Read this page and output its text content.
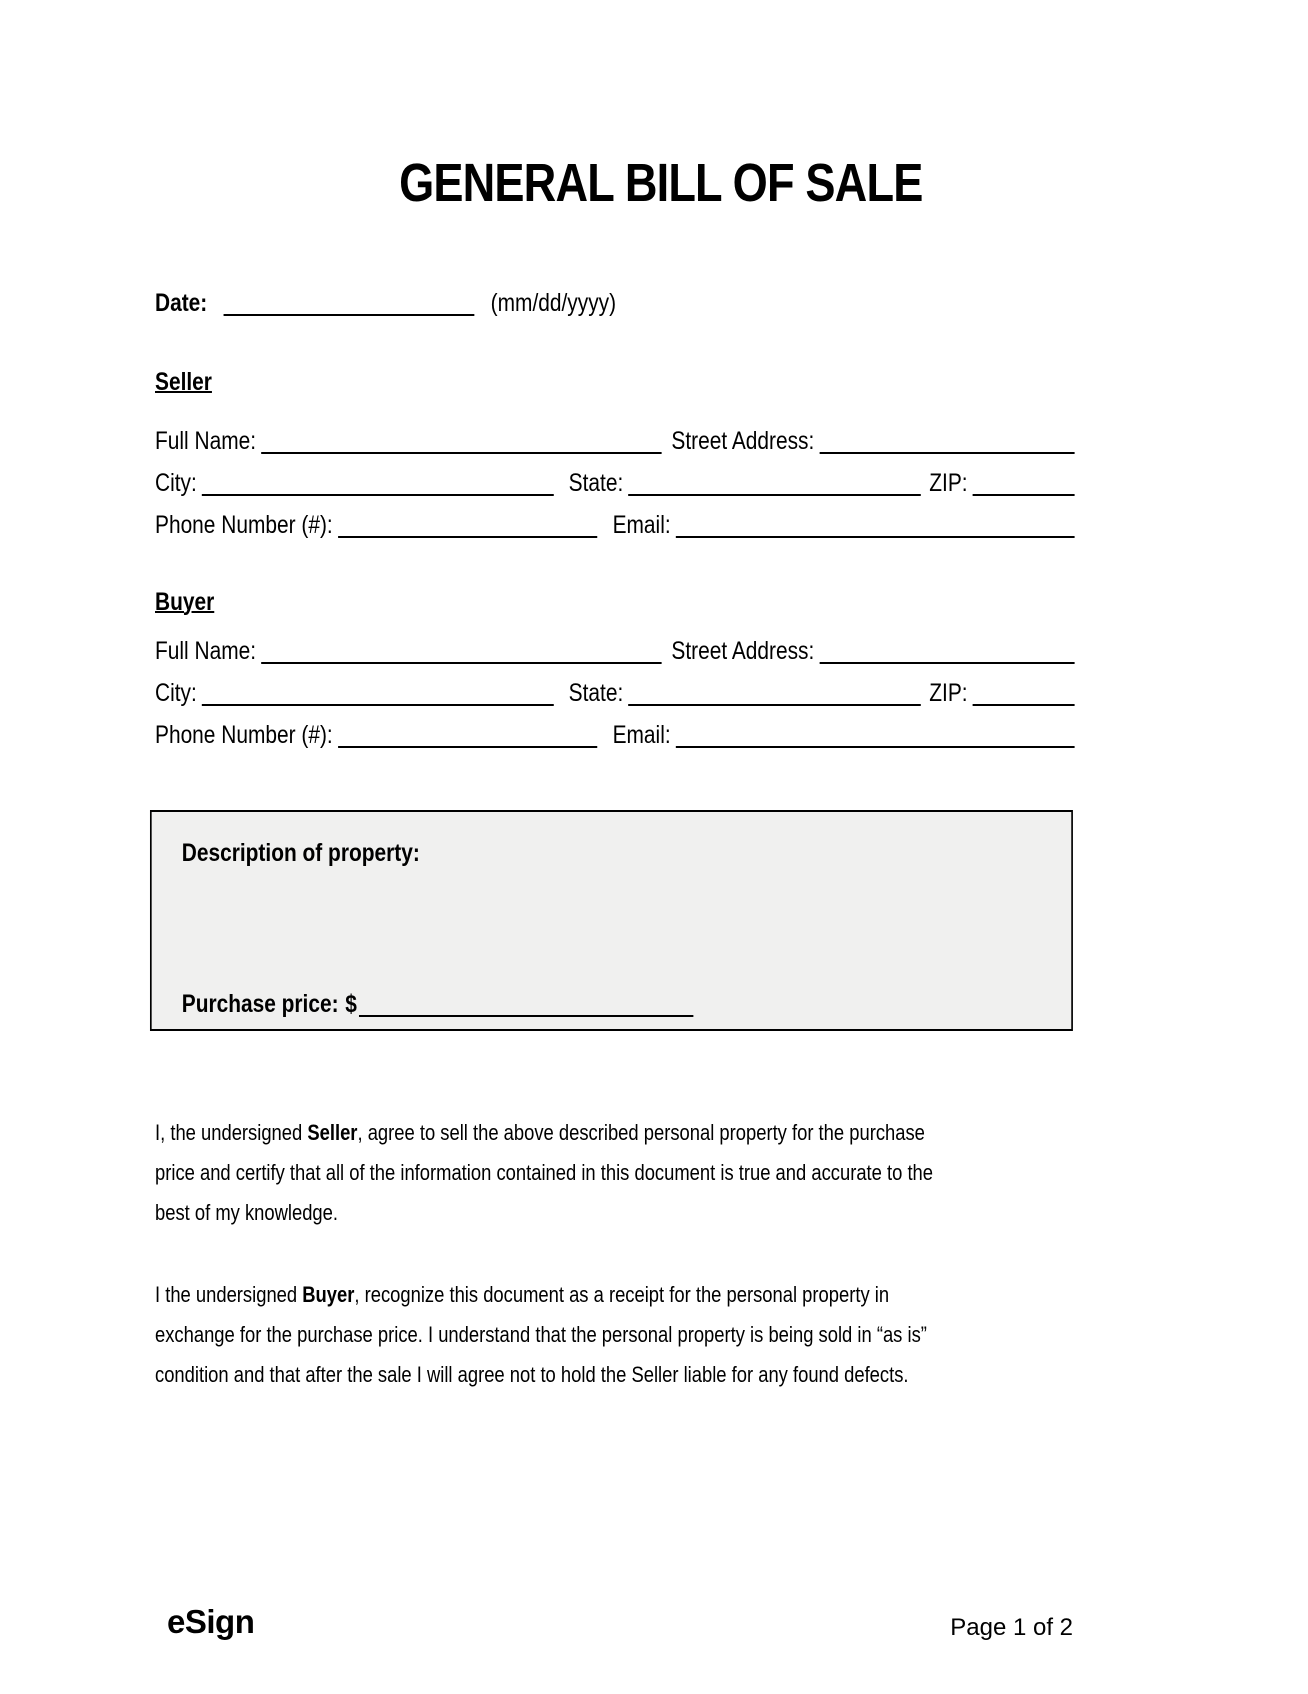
GENERAL BILL OF SALE
Date:	(mm/dd/yyyy)
Seller
Full Name:	Street Address:
City:	State:	ZIP:
Phone Number (#):	Email:
Buyer
Full Name:	Street Address:
City:	State:	ZIP:
Phone Number (#):	Email:
Description of property:
Purchase price: $
I, the undersigned Seller, agree to sell the above described personal property for the purchase
price and certify that all of the information contained in this document is true and accurate to the
best of my knowledge.
I the undersigned Buyer, recognize this document as a receipt for the personal property in
exchange for the purchase price. I understand that the personal property is being sold in “as is”
condition and that after the sale I will agree not to hold the Seller liable for any found defects.
eSign	Page 1 of 2
